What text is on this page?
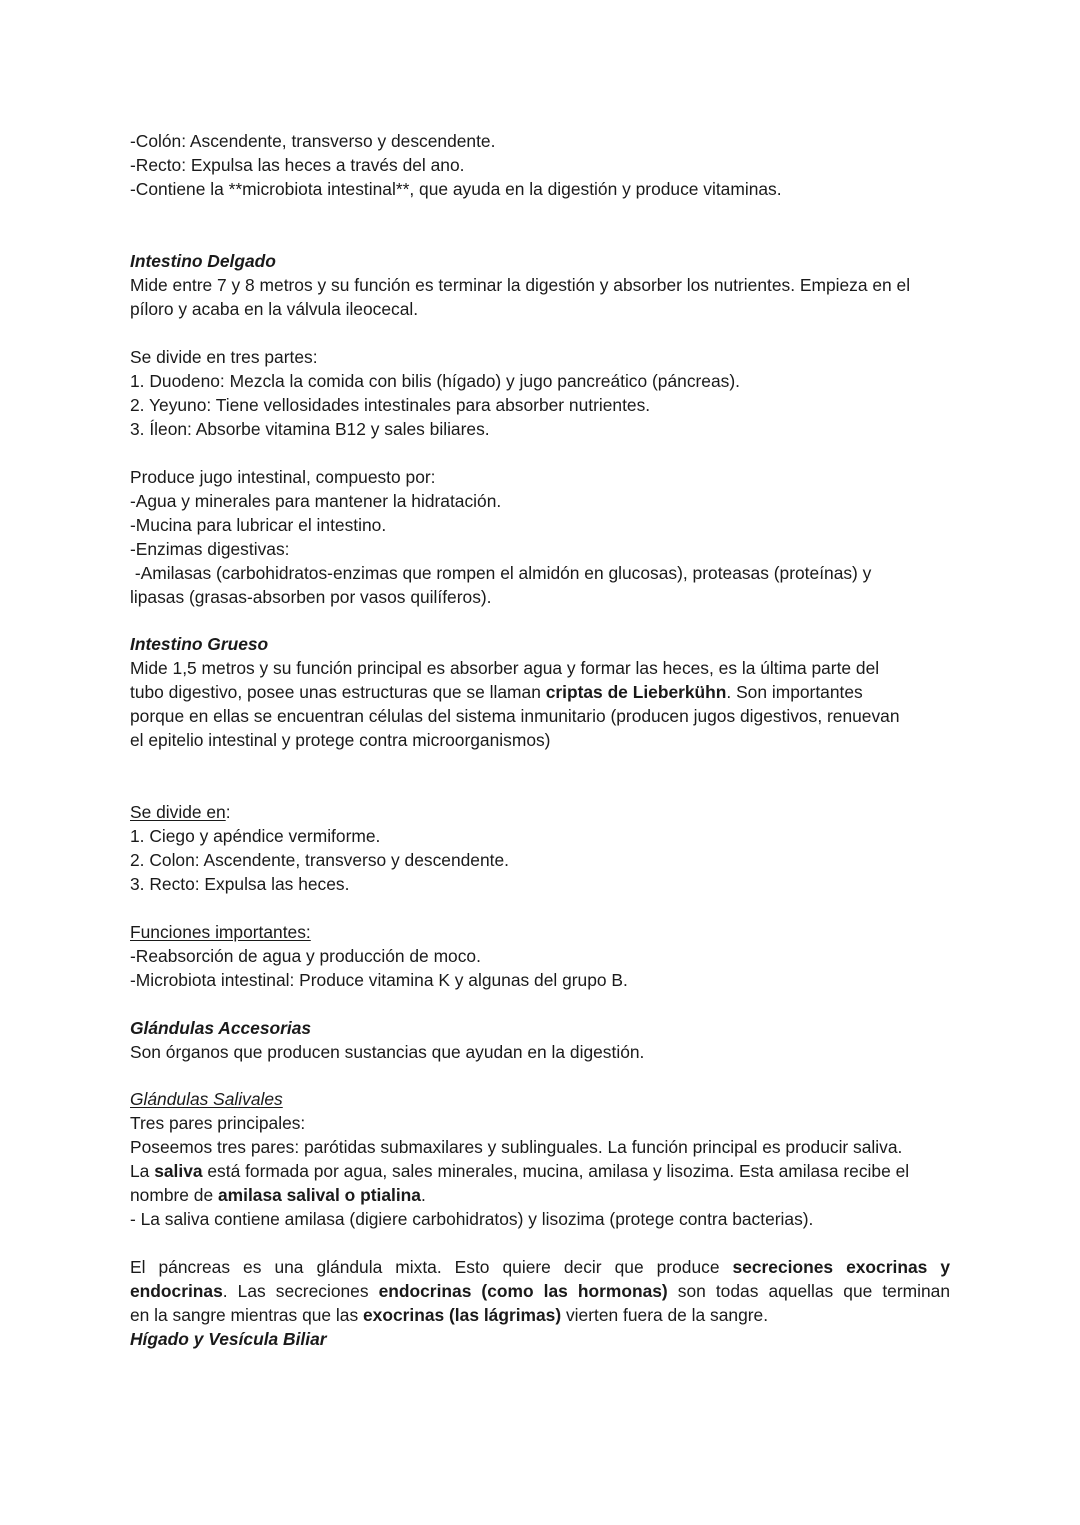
-Colón: Ascendente, transverso y descendente.
-Recto: Expulsa las heces a través del ano.
-Contiene la **microbiota intestinal**, que ayuda en la digestión y produce vitaminas.
Intestino Delgado
Mide entre 7 y 8 metros y su función es terminar la digestión y absorber los nutrientes. Empieza en el
píloro y acaba en la válvula ileocecal.
Se divide en tres partes:
1. Duodeno: Mezcla la comida con bilis (hígado) y jugo pancreático (páncreas).
2. Yeyuno: Tiene vellosidades intestinales para absorber nutrientes.
3. Íleon: Absorbe vitamina B12 y sales biliares.
Produce jugo intestinal, compuesto por:
-Agua y minerales para mantener la hidratación.
-Mucina para lubricar el intestino.
-Enzimas digestivas:
-Amilasas (carbohidratos-enzimas que rompen el almidón en glucosas), proteasas (proteínas) y
lipasas (grasas-absorben por vasos quilíferos).
Intestino Grueso
Mide 1,5 metros y su función principal es absorber agua y formar las heces, es la última parte del
tubo digestivo, posee unas estructuras que se llaman criptas de Lieberkühn. Son importantes
porque en ellas se encuentran células del sistema inmunitario (producen jugos digestivos, renuevan
el epitelio intestinal y protege contra microorganismos)
Se divide en:
1. Ciego y apéndice vermiforme.
2. Colon: Ascendente, transverso y descendente.
3. Recto: Expulsa las heces.
Funciones importantes:
-Reabsorción de agua y producción de moco.
-Microbiota intestinal: Produce vitamina K y algunas del grupo B.
Glándulas Accesorias
Son órganos que producen sustancias que ayudan en la digestión.
Glándulas Salivales
Tres pares principales:
Poseemos tres pares: parótidas submaxilares y sublinguales. La función principal es producir saliva.
La saliva está formada por agua, sales minerales, mucina, amilasa y lisozima. Esta amilasa recibe el
nombre de amilasa salival o ptialina.
- La saliva contiene amilasa (digiere carbohidratos) y lisozima (protege contra bacterias).
El páncreas es una glándula mixta. Esto quiere decir que produce secreciones exocrinas y
endocrinas. Las secreciones endocrinas (como las hormonas) son todas aquellas que terminan
en la sangre mientras que las exocrinas (las lágrimas) vierten fuera de la sangre.
Hígado y Vesícula Biliar
